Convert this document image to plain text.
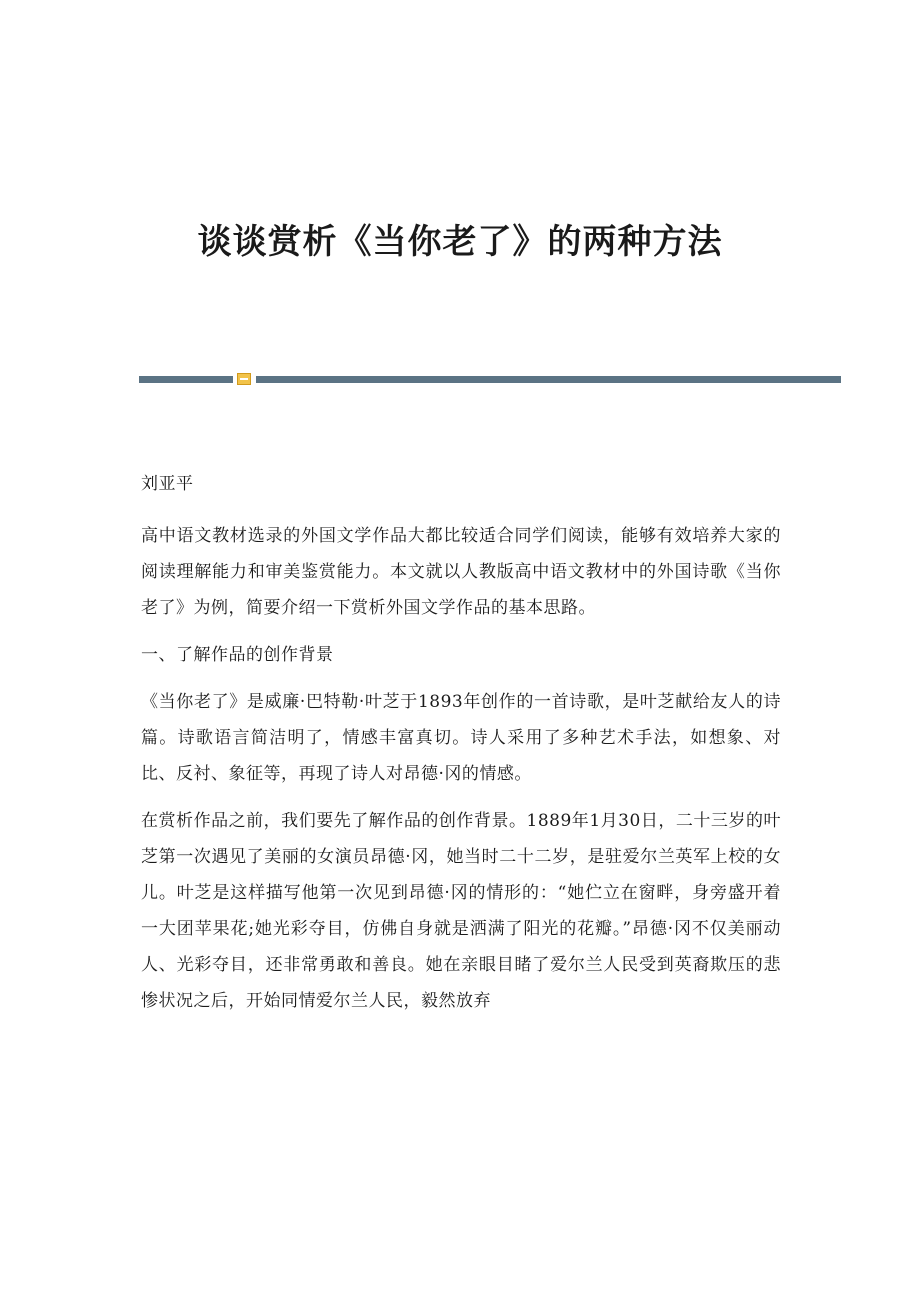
谈谈赏析《当你老了》的两种方法

刘亚平

高中语文教材选录的外国文学作品大都比较适合同学们阅读，能够有效培养大家的阅读理解能力和审美鉴赏能力。本文就以人教版高中语文教材中的外国诗歌《当你老了》为例，简要介绍一下赏析外国文学作品的基本思路。

一、了解作品的创作背景

《当你老了》是威廉·巴特勒·叶芝于1893年创作的一首诗歌，是叶芝献给友人的诗篇。诗歌语言简洁明了，情感丰富真切。诗人采用了多种艺术手法，如想象、对比、反衬、象征等，再现了诗人对昂德·冈的情感。

在赏析作品之前，我们要先了解作品的创作背景。1889年1月30日，二十三岁的叶芝第一次遇见了美丽的女演员昂德·冈，她当时二十二岁，是驻爱尔兰英军上校的女儿。叶芝是这样描写他第一次见到昂德·冈的情形的：“她伫立在窗畔，身旁盛开着一大团苹果花;她光彩夺目，仿佛自身就是洒满了阳光的花瓣。”昂德·冈不仅美丽动人、光彩夺目，还非常勇敢和善良。她在亲眼目睹了爱尔兰人民受到英裔欺压的悲惨状况之后，开始同情爱尔兰人民，毅然放弃
